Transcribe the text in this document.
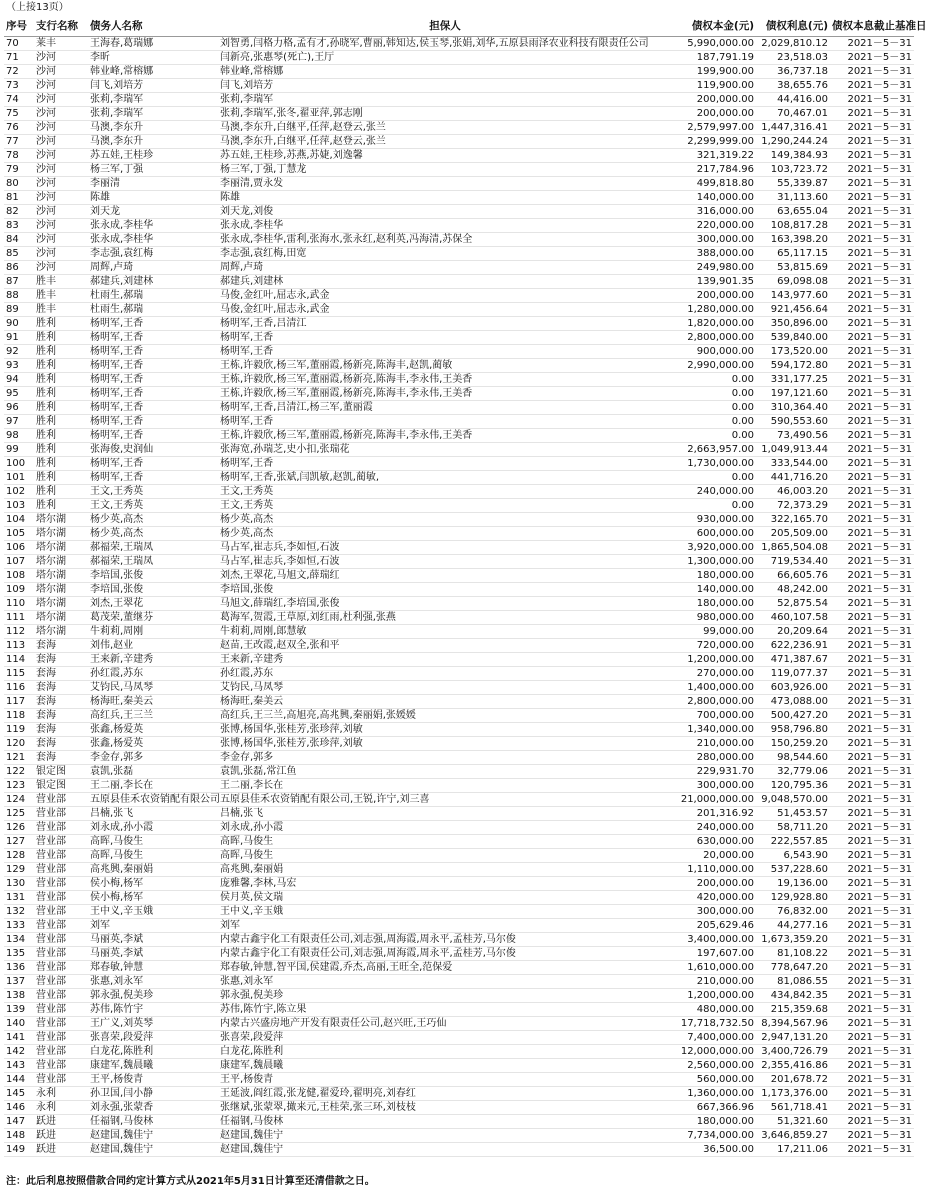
（上接13页）
序号	支行名称	债务人名称	担保人	债权本金(元)	债权利息(元)	债权本息截止基准日
70	莱丰	王海春,葛瑞娜	刘智勇,闫格力格,孟有才,孙晓军,曹丽,韩知达,侯玉琴,张娟,刘华,五原县雨泽农业科技有限责任公司	5,990,000.00	2,029,810.12	2021－5－31
71	沙河	李昕	闫新亮,张惠琴(死亡),王厅	187,791.19	23,518.03	2021－5－31
72	沙河	韩业峰,常榕娜	韩业峰,常榕娜	199,900.00	36,737.18	2021－5－31
73	沙河	闫飞,刘培芳	闫飞,刘培芳	119,900.00	38,655.76	2021－5－31
74	沙河	张莉,李瑞军	张莉,李瑞军	200,000.00	44,416.00	2021－5－31
75	沙河	张莉,李瑞军	张莉,李瑞军,张冬,翟亚萍,郭志刚	200,000.00	70,467.01	2021－5－31
76	沙河	马澳,李东升	马澳,李东升,白继平,任萍,赵登云,张兰	2,579,997.00	1,447,316.41	2021－5－31
77	沙河	马澳,李东升	马澳,李东升,白继平,任萍,赵登云,张兰	2,299,999.00	1,290,244.24	2021－5－31
78	沙河	苏五娃,王桂珍	苏五娃,王桂珍,苏燕,苏婕,刘逸馨	321,319.22	149,384.93	2021－5－31
79	沙河	杨三军,丁强	杨三军,丁强,丁慧龙	217,784.96	103,723.72	2021－5－31
80	沙河	李丽清	李丽清,贾永发	499,818.80	55,339.87	2021－5－31
81	沙河	陈雄	陈雄	140,000.00	31,113.60	2021－5－31
82	沙河	刘天龙	刘天龙,刘俊	316,000.00	63,655.04	2021－5－31
83	沙河	张永成,李桂华	张永成,李桂华	220,000.00	108,817.28	2021－5－31
84	沙河	张永成,李桂华	张永成,李桂华,雷利,张海水,张永红,赵利英,冯海清,苏保全	300,000.00	163,398.20	2021－5－31
85	沙河	李志强,袁红梅	李志强,袁红梅,田宽	388,000.00	65,117.15	2021－5－31
86	沙河	周辉,卢琦	周辉,卢琦	249,980.00	53,815.69	2021－5－31
87	胜丰	郝建兵,刘建林	郝建兵,刘建林	139,901.35	69,098.08	2021－5－31
88	胜丰	杜雨生,郝瑞	马俊,金红叶,屈志永,武金	200,000.00	143,977.60	2021－5－31
89	胜丰	杜雨生,郝瑞	马俊,金红叶,屈志永,武金	1,280,000.00	921,456.64	2021－5－31
90	胜利	杨明军,王香	杨明军,王香,吕清江	1,820,000.00	350,896.00	2021－5－31
91	胜利	杨明军,王香	杨明军,王香	2,800,000.00	539,840.00	2021－5－31
92	胜利	杨明军,王香	杨明军,王香	900,000.00	173,520.00	2021－5－31
93	胜利	杨明军,王香	王栋,许毅欣,杨三军,董丽霞,杨新亮,陈海丰,赵凯,蔺敏	2,990,000.00	594,172.80	2021－5－31
94	胜利	杨明军,王香	王栋,许毅欣,杨三军,董丽霞,杨新亮,陈海丰,李永伟,王美香	0.00	331,177.25	2021－5－31
95	胜利	杨明军,王香	王栋,许毅欣,杨三军,董丽霞,杨新亮,陈海丰,李永伟,王美香	0.00	197,121.60	2021－5－31
96	胜利	杨明军,王香	杨明军,王香,吕清江,杨三军,董丽霞	0.00	310,364.40	2021－5－31
97	胜利	杨明军,王香	杨明军,王香	0.00	590,553.60	2021－5－31
98	胜利	杨明军,王香	王栋,许毅欣,杨三军,董丽霞,杨新亮,陈海丰,李永伟,王美香	0.00	73,490.56	2021－5－31
99	胜利	张海俊,史润仙	张海宽,孙瑞芝,史小扣,张瑞花	2,663,957.00	1,049,913.44	2021－5－31
100	胜利	杨明军,王香	杨明军,王香	1,730,000.00	333,544.00	2021－5－31
101	胜利	杨明军,王香	杨明军,王香,张斌,闫凯敏,赵凯,蔺敏,	0.00	441,716.20	2021－5－31
102	胜利	王文,王秀英	王文,王秀英	240,000.00	46,003.20	2021－5－31
103	胜利	王文,王秀英	王文,王秀英	0.00	72,373.29	2021－5－31
104	塔尔湖	杨少英,高杰	杨少英,高杰	930,000.00	322,165.70	2021－5－31
105	塔尔湖	杨少英,高杰	杨少英,高杰	600,000.00	205,509.00	2021－5－31
106	塔尔湖	郝福荣,王瑞凤	马占军,崔志兵,李如恒,石波	3,920,000.00	1,865,504.08	2021－5－31
107	塔尔湖	郝福荣,王瑞凤	马占军,崔志兵,李如恒,石波	1,300,000.00	719,534.40	2021－5－31
108	塔尔湖	李培国,张俊	刘杰,王翠花,马旭文,薛瑞红	180,000.00	66,605.76	2021－5－31
109	塔尔湖	李培国,张俊	李培国,张俊	140,000.00	48,242.00	2021－5－31
110	塔尔湖	刘杰,王翠花	马旭文,薛瑞红,李培国,张俊	180,000.00	52,875.54	2021－5－31
111	塔尔湖	葛茂荣,董继芬	葛海军,贺霞,王草原,刘红雨,杜利强,张燕	980,000.00	460,107.58	2021－5－31
112	塔尔湖	牛莉莉,周刚	牛莉莉,周刚,郎慧敏	99,000.00	20,209.64	2021－5－31
113	套海	刘伟,赵业	赵苗,王改霞,赵双全,张和平	720,000.00	622,236.91	2021－5－31
114	套海	王来新,辛建秀	王来新,辛建秀	1,200,000.00	471,387.67	2021－5－31
115	套海	孙红霞,苏东	孙红霞,苏东	270,000.00	119,077.37	2021－5－31
116	套海	艾钧民,马凤琴	艾钧民,马凤琴	1,400,000.00	603,926.00	2021－5－31
117	套海	杨海旺,秦美云	杨海旺,秦美云	2,800,000.00	473,088.00	2021－5－31
118	套海	高红兵,王三兰	高红兵,王三兰,高旭亮,高兆興,秦丽娟,张媛媛	700,000.00	500,427.20	2021－5－31
119	套海	张鑫,杨爱英	张博,杨国华,张桂芳,张珍萍,刘敏	1,340,000.00	958,796.80	2021－5－31
120	套海	张鑫,杨爱英	张博,杨国华,张桂芳,张珍萍,刘敏	210,000.00	150,259.20	2021－5－31
121	套海	李金存,郭多	李金存,郭多	280,000.00	98,544.60	2021－5－31
122	银定图	袁凯,张磊	袁凯,张磊,常江鱼	229,931.70	32,779.06	2021－5－31
123	银定图	王二丽,李长在	王二丽,李长在	300,000.00	120,795.36	2021－5－31
124	营业部	五原县佳禾农资销配有限公司	五原县佳禾农资销配有限公司,王锐,许宁,刘三喜	21,000,000.00	9,048,570.00	2021－5－31
125	营业部	吕楠,张飞	吕楠,张飞	201,316.92	51,453.57	2021－5－31
126	营业部	刘永成,孙小霞	刘永成,孙小霞	240,000.00	58,711.20	2021－5－31
127	营业部	高晖,马俊生	高晖,马俊生	630,000.00	222,557.85	2021－5－31
128	营业部	高晖,马俊生	高晖,马俊生	20,000.00	6,543.90	2021－5－31
129	营业部	高兆興,秦丽娟	高兆興,秦丽娟	1,110,000.00	537,228.60	2021－5－31
130	营业部	侯小梅,杨军	庞雅馨,李林,马宏	200,000.00	19,136.00	2021－5－31
131	营业部	侯小梅,杨军	侯月英,侯文瑞	420,000.00	129,928.80	2021－5－31
132	营业部	王中义,辛玉娥	王中义,辛玉娥	300,000.00	76,832.00	2021－5－31
133	营业部	刘军	刘军	205,629.46	44,277.16	2021－5－31
134	营业部	马丽英,李斌	内蒙古鑫宇化工有限责任公司,刘志强,周海霞,周永平,孟桂芳,马尔俊	3,400,000.00	1,673,359.20	2021－5－31
135	营业部	马丽英,李斌	内蒙古鑫宇化工有限责任公司,刘志强,周海霞,周永平,孟桂芳,马尔俊	197,607.00	81,108.22	2021－5－31
136	营业部	郑春敏,钟慧	郑春敏,钟慧,智平国,侯建霞,乔杰,高丽,王旺全,范保爱	1,610,000.00	778,647.20	2021－5－31
137	营业部	张惠,刘永军	张惠,刘永军	210,000.00	81,086.55	2021－5－31
138	营业部	郭永强,倪美珍	郭永强,倪美珍	1,200,000.00	434,842.35	2021－5－31
139	营业部	苏伟,陈竹宇	苏伟,陈竹宇,陈立果	480,000.00	215,359.68	2021－5－31
140	营业部	王广义,刘英琴	内蒙古兴盛房地产开发有限责任公司,赵兴旺,王巧仙	17,718,732.50	8,394,567.96	2021－5－31
141	营业部	张喜荣,段爱萍	张喜荣,段爱萍	7,400,000.00	2,947,131.20	2021－5－31
142	营业部	白龙花,陈胜利	白龙花,陈胜利	12,000,000.00	3,400,726.79	2021－5－31
143	营业部	康建军,魏晨曦	康建军,魏晨曦	2,560,000.00	2,355,416.86	2021－5－31
144	营业部	王平,杨俊青	王平,杨俊青	560,000.00	201,678.72	2021－5－31
145	永利	孙卫国,闫小静	王延波,阎红霞,张龙健,翟爱玲,翟明亮,刘春红	1,360,000.00	1,173,376.00	2021－5－31
146	永利	刘永强,张蒙香	张继斌,张蒙翠,撖来元,王桂荣,张三环,刘枝枝	667,366.96	561,718.41	2021－5－31
147	跃进	任福钢,马俊林	任福钢,马俊林	180,000.00	51,321.60	2021－5－31
148	跃进	赵建国,魏佳宁	赵建国,魏佳宁	7,734,000.00	3,646,859.27	2021－5－31
149	跃进	赵建国,魏佳宁	赵建国,魏佳宁	36,500.00	17,211.06	2021－5－31
注：此后利息按照借款合同约定计算方式从2021年5月31日计算至还清借款之日。
